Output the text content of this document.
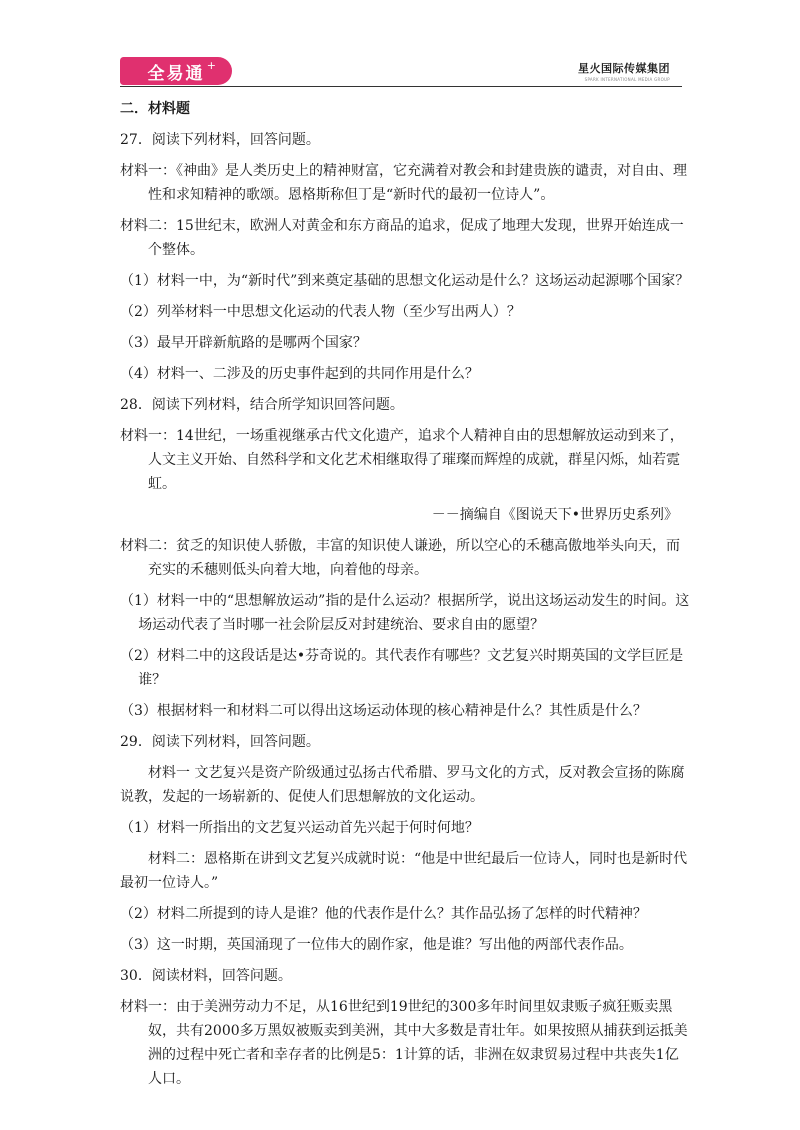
全易通 +	星火国际传媒集团
SPARK INTERNATIONAL MEDIA GROUP

二．材料题

27．阅读下列材料，回答问题。

材料一：《神曲》是人类历史上的精神财富，它充满着对教会和封建贵族的谴责，对自由、理性和求知精神的歌颂。恩格斯称但丁是“新时代的最初一位诗人”。

材料二：15世纪末，欧洲人对黄金和东方商品的追求，促成了地理大发现，世界开始连成一个整体。

（1）材料一中，为“新时代”到来奠定基础的思想文化运动是什么？这场运动起源哪个国家？

（2）列举材料一中思想文化运动的代表人物（至少写出两人）？

（3）最早开辟新航路的是哪两个国家？

（4）材料一、二涉及的历史事件起到的共同作用是什么？

28．阅读下列材料，结合所学知识回答问题。

材料一：14世纪，一场重视继承古代文化遗产，追求个人精神自由的思想解放运动到来了，人文主义开始、自然科学和文化艺术相继取得了璀璨而辉煌的成就，群星闪烁，灿若霓虹。

－－摘编自《图说天下•世界历史系列》

材料二：贫乏的知识使人骄傲，丰富的知识使人谦逊，所以空心的禾穗高傲地举头向天，而充实的禾穗则低头向着大地，向着他的母亲。

（1）材料一中的“思想解放运动”指的是什么运动？根据所学，说出这场运动发生的时间。这场运动代表了当时哪一社会阶层反对封建统治、要求自由的愿望？

（2）材料二中的这段话是达•芬奇说的。其代表作有哪些？文艺复兴时期英国的文学巨匠是谁？

（3）根据材料一和材料二可以得出这场运动体现的核心精神是什么？其性质是什么？

29．阅读下列材料，回答问题。

材料一 文艺复兴是资产阶级通过弘扬古代希腊、罗马文化的方式，反对教会宣扬的陈腐说教，发起的一场崭新的、促使人们思想解放的文化运动。

（1）材料一所指出的文艺复兴运动首先兴起于何时何地？

材料二：恩格斯在讲到文艺复兴成就时说：“他是中世纪最后一位诗人，同时也是新时代最初一位诗人。”

（2）材料二所提到的诗人是谁？他的代表作是什么？其作品弘扬了怎样的时代精神？

（3）这一时期，英国涌现了一位伟大的剧作家，他是谁？写出他的两部代表作品。

30．阅读材料，回答问题。

材料一：由于美洲劳动力不足，从16世纪到19世纪的300多年时间里奴隶贩子疯狂贩卖黑奴，共有2000多万黑奴被贩卖到美洲，其中大多数是青壮年。如果按照从捕获到运抵美洲的过程中死亡者和幸存者的比例是5：1计算的话，非洲在奴隶贸易过程中共丧失1亿人口。
